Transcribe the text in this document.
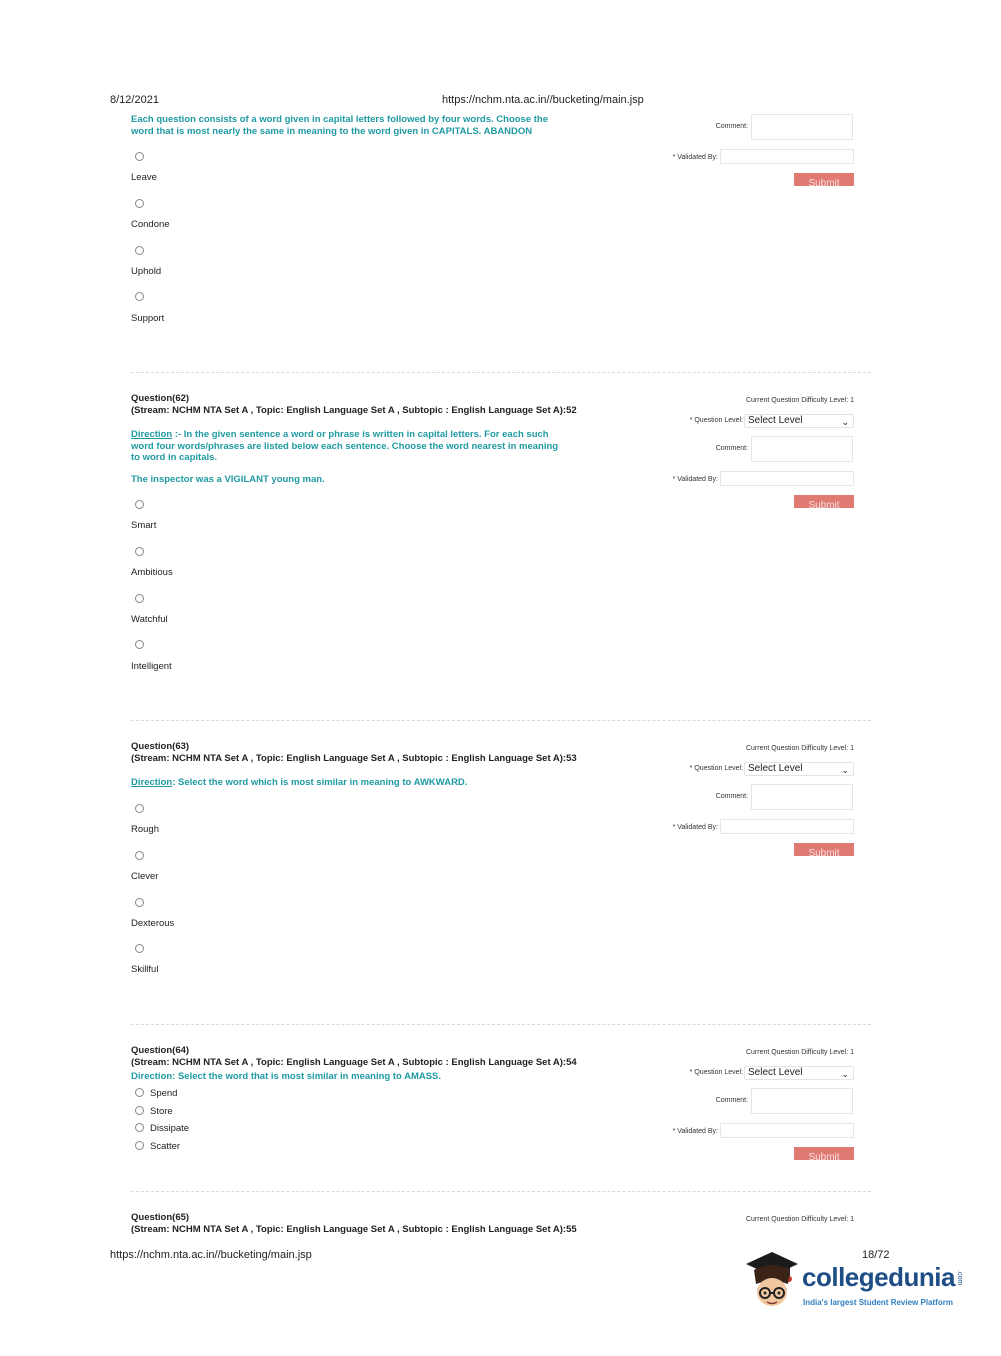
8/12/2021	https://nchm.nta.ac.in//bucketing/main.jsp
Each question consists of a word given in capital letters followed by four words. Choose the
word that is most nearly the same in meaning to the word given in CAPITALS. ABANDON
Leave
Condone
Uphold
Support
Comment:
* Validated By:
Submit
Question(62)
(Stream: NCHM NTA Set A , Topic: English Language Set A , Subtopic : English Language Set A):52
Direction :- In the given sentence a word or phrase is written in capital letters. For each such
word four words/phrases are listed below each sentence. Choose the word nearest in meaning
to word in capitals.
The inspector was a VIGILANT young man.
Smart
Ambitious
Watchful
Intelligent
Current Question Difficulty Level: 1
* Question Level: Select Level	⌄
Comment:
* Validated By:
Submit
Question(63)
(Stream: NCHM NTA Set A , Topic: English Language Set A , Subtopic : English Language Set A):53
Direction: Select the word which is most similar in meaning to AWKWARD.
Rough
Clever
Dexterous
Skillful
Current Question Difficulty Level: 1
* Question Level: Select Level	⌄
Comment:
* Validated By:
Submit
Question(64)
(Stream: NCHM NTA Set A , Topic: English Language Set A , Subtopic : English Language Set A):54
Direction: Select the word that is most similar in meaning to AMASS.
Spend
Store
Dissipate
Scatter
Current Question Difficulty Level: 1
* Question Level: Select Level	⌄
Comment:
* Validated By:
Submit
Question(65)
(Stream: NCHM NTA Set A , Topic: English Language Set A , Subtopic : English Language Set A):55
Current Question Difficulty Level: 1
https://nchm.nta.ac.in//bucketing/main.jsp	18/72
collegedunia .com
India's largest Student Review Platform
